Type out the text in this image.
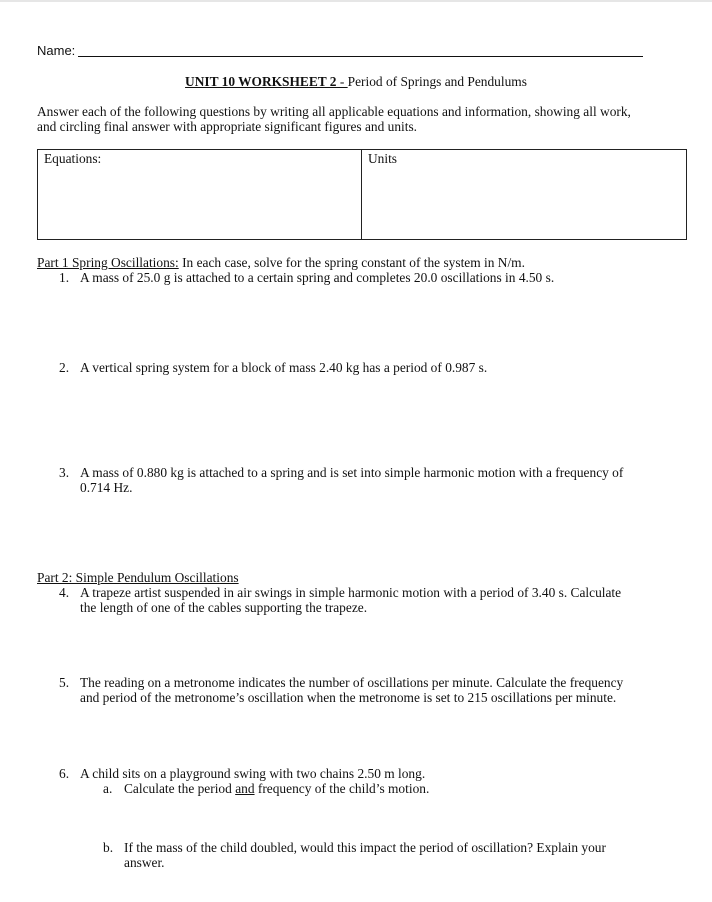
Name:
UNIT 10 WORKSHEET 2 - Period of Springs and Pendulums
Answer each of the following questions by writing all applicable equations and information, showing all work,
and circling final answer with appropriate significant figures and units.
Equations:	Units
Part 1 Spring Oscillations: In each case, solve for the spring constant of the system in N/m.
1. A mass of 25.0 g is attached to a certain spring and completes 20.0 oscillations in 4.50 s.
2. A vertical spring system for a block of mass 2.40 kg has a period of 0.987 s.
3. A mass of 0.880 kg is attached to a spring and is set into simple harmonic motion with a frequency of
0.714 Hz.
Part 2: Simple Pendulum Oscillations
4. A trapeze artist suspended in air swings in simple harmonic motion with a period of 3.40 s. Calculate
the length of one of the cables supporting the trapeze.
5. The reading on a metronome indicates the number of oscillations per minute. Calculate the frequency
and period of the metronome’s oscillation when the metronome is set to 215 oscillations per minute.
6. A child sits on a playground swing with two chains 2.50 m long.
a. Calculate the period and frequency of the child’s motion.
b. If the mass of the child doubled, would this impact the period of oscillation? Explain your
answer.
